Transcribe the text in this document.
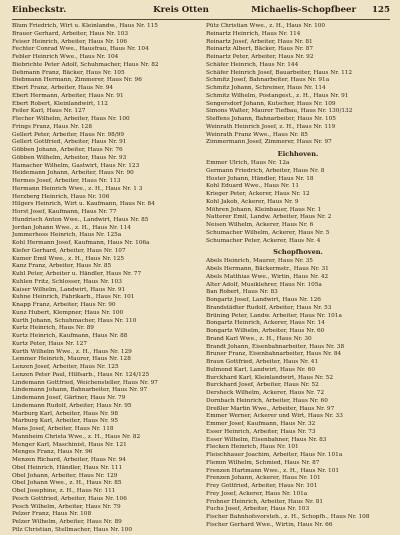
Einbeckstr.	Kreis Otten	Michaelis-Schopfbeer 125
Blum Friedrich, Wirt u. Kleinlandw., Haus Nr. 115
Brauer Gerhard, Arbeiter, Haus Nr. 103
Feiser Heinrich, Arbeiter, Haus Nr. 106
Fechter Conrad Wwe., Hausfrau, Haus Nr. 104
Febler Heinrich Wwe., Haus Nr. 104
Biebrichte Peter Adolf, Schuhmacher, Haus Nr. 82
Dehmann Franz, Bäcker, Haus Nr. 105
Diebmann Hermann, Zimmerer, Haus Nr. 96
Ebert Franz, Arbeiter, Haus Nr. 94
Ebert Hermann, Arbeiter, Haus Nr. 91
Ebert Robert, Kleinlandwirt, 112
Feiler Karl, Haus Nr. 127
Flecher Wilhelm, Arbeiter, Haus Nr. 100
Frings Franz, Haus Nr. 128
Gellert Peter, Arbeiter, Haus Nr. 98/99
Gellert Gottfried, Arbeiter, Haus Nr. 91
Göbben Johann, Arbeiter, Haus Nr. 76
Göbben Wilhelm, Arbeiter, Haus Nr. 93
Hamacher Wilhelm, Gastwirt, Haus Nr. 123
Heidemann Johann, Arbeiter, Haus Nr. 90
Hermes Josef, Arbeiter, Haus Nr. 113
Hermann Heinrich Wwe., z. H., Haus Nr. 1 3
Herzberg Heinrich, Haus Nr. 106
Hilgers Heinrich, Wirt u. Kaufmann, Haus Nr. 84
Horst Josef, Kaufmann, Haus Nr. 77
Hundrisch Anton Wwe., Landwirt, Haus Nr. 85
Jordan Johann Wwe., z. H., Haus Nr. 114
Jummerhoss Heinrich, Haus Nr. 125a
Kohl Hermann Josef, Kaufmann, Haus Nr. 106a
Kiefer Gerhard, Arbeiter, Haus Nr. 107
Kumer Emil Wwe., z. H., Haus Nr. 125
Kanz Franz, Arbeiter, Haus Nr. 85
Kuhl Peter, Arbeiter u. Händler, Haus Nr. 77
Kuhlen Fritz, Schlosser, Haus Nr. 103
Kaiser Wilhelm, Landwirt, Haus Nr. 91
Kuhne Heinrich, Fabrikarb., Haus Nr. 101
Knapp Franz, Arbeiter, Haus Nr. 90
Kunz Hubert, Klempner, Haus Nr. 100
Kurth Johann, Schuhmacher, Haus Nr. 110
Kurtz Heinrich, Haus Nr. 89
Kurtz Heinrich, Kaufmann, Haus Nr. 88
Kurtz Peter, Haus Nr. 127
Kurth Wilhelm Wwe., z. H., Haus Nr. 129
Lemmer Heinrich, Maurer, Haus Nr. 128
Lenzen Josef, Arbeiter, Haus Nr. 125
Lenzen Peter Paul, Hilfsarb., Haus Nr. 124/125
Lindemann Gottfried, Weichensteller, Haus Nr. 97
Lindemann Johann, Bahnarbeiter, Haus Nr. 97
Lindemann Josef, Gärtner, Haus Nr. 79
Lindemann Rudolf, Arbeiter, Haus Nr. 95
Marburg Karl, Arbeiter, Haus Nr. 98
Marburg Karl, Arbeiter, Haus Nr. 95
Mans Josef, Arbeiter, Haus Nr. 118
Mannheim Christa Wwe., z. H., Haus Nr. 82
Menger Karl, Maschinist, Haus Nr. 121
Menges Franz, Haus Nr. 96
Menzen Richard, Arbeiter, Haus Nr. 94
Obel Heinrich, Händler, Haus Nr. 111
Obel Johann, Arbeiter, Haus Nr. 129
Obel Johann Wwe., z. H., Haus Nr. 85
Obel Josephine, z. H., Haus Nr. 111
Pesch Gottfried, Arbeiter, Haus Nr. 106
Pesch Wilhelm, Arbeiter, Haus Nr. 79
Pelzer Franz, Haus Nr. 108
Pelzer Wilhelm, Arbeiter, Haus Nr. 89
Pilz Christian, Stellmacher, Haus Nr. 100
Pütz Christian Wwe., z. H., Haus Nr. 100
Reinartz Heinrich, Haus Nr. 114
Reinartz Josef, Arbeiter, Haus Nr. 81
Reinartz Albert, Bäcker, Haus Nr. 87
Reinartz Peter, Arbeiter, Haus Nr. 92
Schäfer Heinrich, Haus Nr. 144
Schäfer Heinrich Josef, Bauarbeiter, Haus Nr. 112
Schmitz Josef, Bahnarbeiter, Haus Nr. 91a
Schmitz Johann, Schreiner, Haus Nr. 114
Schmitz Wilhelm, Postangest., z. H., Haus Nr. 91
Sengersdorf Johann, Kutscher, Haus Nr. 109
Simons Walter, Maurer Tiefbau, Haus Nr. 130/132
Steffens Johann, Bahnarbeiter, Haus Nr. 105
Weinrath Heinrich Josef, z. H., Haus Nr. 119
Weinrath Franz Wwe., Haus Nr. 85
Zimmermann Josef, Zimmerer, Haus Nr. 97
Eichhoven.
Emmer Ulrich, Haus Nr. 12a
Germann Friedrich, Arbeiter, Haus Nr. 8
Hoster Johann, Händler, Haus Nr. 18
Kohl Eduard Wwe., Haus Nr. 11
Krieger Peter, Ackerer, Haus Nr. 12
Kohl Jakob, Ackerer, Haus Nr. 9
Möhren Johann, Kleinbauer, Haus Nr. 1
Natterer Emil, Landw. Arbeiter, Haus Nr. 2
Neisen Wilhelm, Ackerer, Haus Nr. 6
Schumacher Wilhelm, Ackerer, Haus Nr. 5
Schumacher Peter, Ackerer, Haus Nr. 4
Schopfhoven.
Abels Heinrich, Maurer, Haus Nr. 35
Abels Hermann, Bäckermstr., Haus Nr. 31
Abels Matthias Wwe., Wirtin, Haus Nr. 42
Alter Adolf, Musiklehrer, Haus Nr. 105a
Ban Robert, Haus Nr. 83
Bongartz Josef, Landwirt, Haus Nr. 126
Brandstädter Rudolf, Arbeiter, Haus Nr. 53
Brüning Peter, Landw. Arbeiter, Haus Nr. 101a
Bongartz Heinrich, Ackerer, Haus Nr. 14
Bongartz Wilhelm, Arbeiter, Haus Nr. 60
Brand Karl Wwe., z. H., Haus Nr. 30
Brandt Johann, Eisenbahnarbeiter, Haus Nr. 38
Bruner Franz, Eisenbahnarbeiter, Haus Nr. 84
Braun Gottfried, Arbeiter, Haus Nr. 41
Bulmond Karl, Landwirt, Haus Nr. 60
Burckhard Karl, Kleinlandwirt, Haus Nr. 52
Burckhard Josef, Arbeiter, Haus Nr. 52
Dersheck Wilhelm, Ackerer, Haus Nr. 72
Dornbach Heinrich, Arbeiter, Haus Nr. 60
Dreßler Martin Wwe., Arbeiter, Haus Nr. 97
Emmer Werner, Ackerer und Wirt, Haus Nr. 33
Emmer Josef, Kaufmann, Haus Nr. 32
Esser Heinrich, Arbeiter, Haus Nr. 73
Esser Wilhelm, Eisenbahner, Haus Nr. 83
Flecken Heinrich, Haus Nr. 101
Fleischhauer Joachim, Arbeiter, Haus Nr. 101a
Flemm Wilhelm, Schmied, Haus Nr. 87
Frenzen Hartmann Wwe., z. H., Haus Nr. 101
Frenzen Johann, Ackerer, Haus Nr. 101
Frey Gottfried, Arbeiter, Haus Nr. 101
Frey Josef, Ackerer, Haus Nr. 101a
Frohner Heinrich, Arbeiter, Haus Nr. 81
Fuchs Josef, Arbeiter, Haus Nr. 103
Fischer Bahnhofsvorsteh., z. H., Schopfh., Haus Nr. 108
Fischer Gerhard Wwe., Wirtin, Haus Nr. 66
